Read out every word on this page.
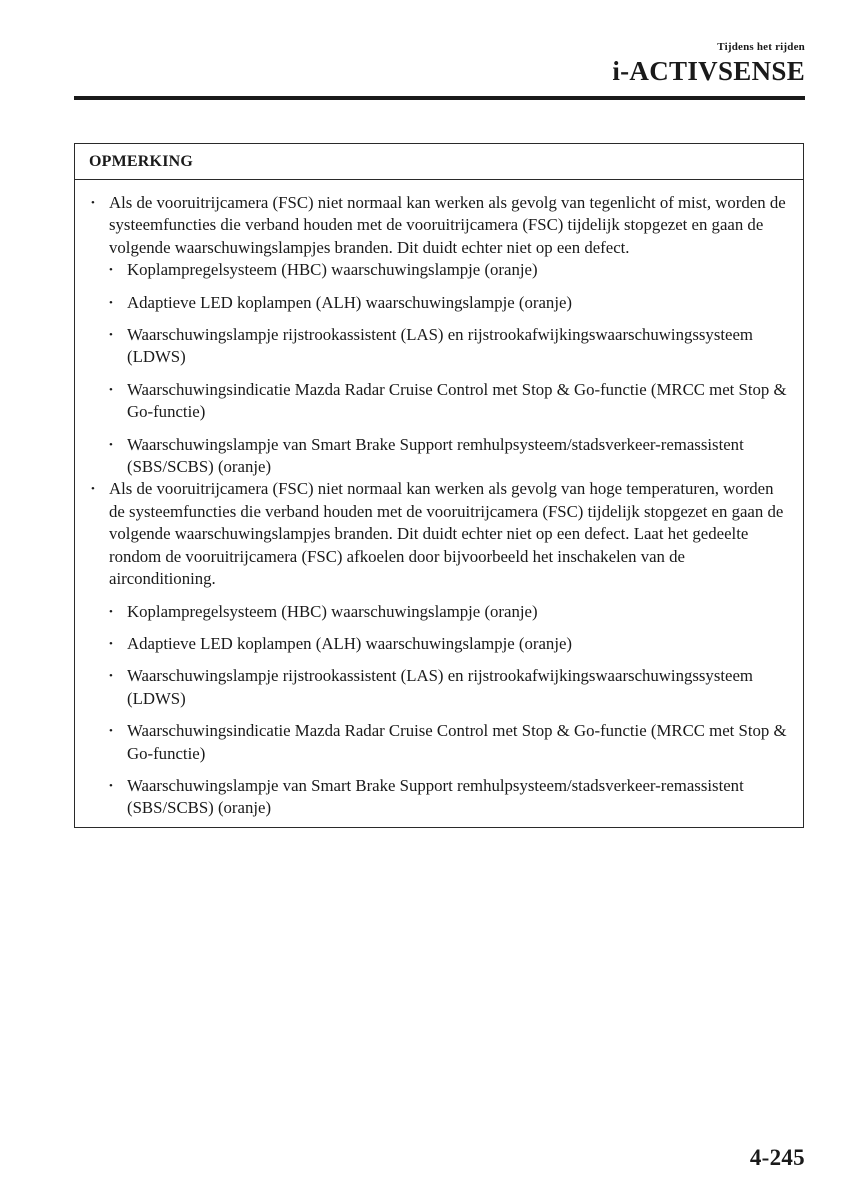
Tijdens het rijden
i-ACTIVSENSE
OPMERKING
• Als de vooruitrijcamera (FSC) niet normaal kan werken als gevolg van tegenlicht of mist, worden de systeemfuncties die verband houden met de vooruitrijcamera (FSC) tijdelijk stopgezet en gaan de volgende waarschuwingslampjes branden. Dit duidt echter niet op een defect.
• Koplampregelsysteem (HBC) waarschuwingslampje (oranje)
• Adaptieve LED koplampen (ALH) waarschuwingslampje (oranje)
• Waarschuwingslampje rijstrookassistent (LAS) en rijstrookafwijkingswaarschuwingssysteem (LDWS)
• Waarschuwingsindicatie Mazda Radar Cruise Control met Stop & Go-functie (MRCC met Stop & Go-functie)
• Waarschuwingslampje van Smart Brake Support remhulpsysteem/stadsverkeer-remassistent (SBS/SCBS) (oranje)
• Als de vooruitrijcamera (FSC) niet normaal kan werken als gevolg van hoge temperaturen, worden de systeemfuncties die verband houden met de vooruitrijcamera (FSC) tijdelijk stopgezet en gaan de volgende waarschuwingslampjes branden. Dit duidt echter niet op een defect. Laat het gedeelte rondom de vooruitrijcamera (FSC) afkoelen door bijvoorbeeld het inschakelen van de airconditioning.
• Koplampregelsysteem (HBC) waarschuwingslampje (oranje)
• Adaptieve LED koplampen (ALH) waarschuwingslampje (oranje)
• Waarschuwingslampje rijstrookassistent (LAS) en rijstrookafwijkingswaarschuwingssysteem (LDWS)
• Waarschuwingsindicatie Mazda Radar Cruise Control met Stop & Go-functie (MRCC met Stop & Go-functie)
• Waarschuwingslampje van Smart Brake Support remhulpsysteem/stadsverkeer-remassistent (SBS/SCBS) (oranje)
4-245
